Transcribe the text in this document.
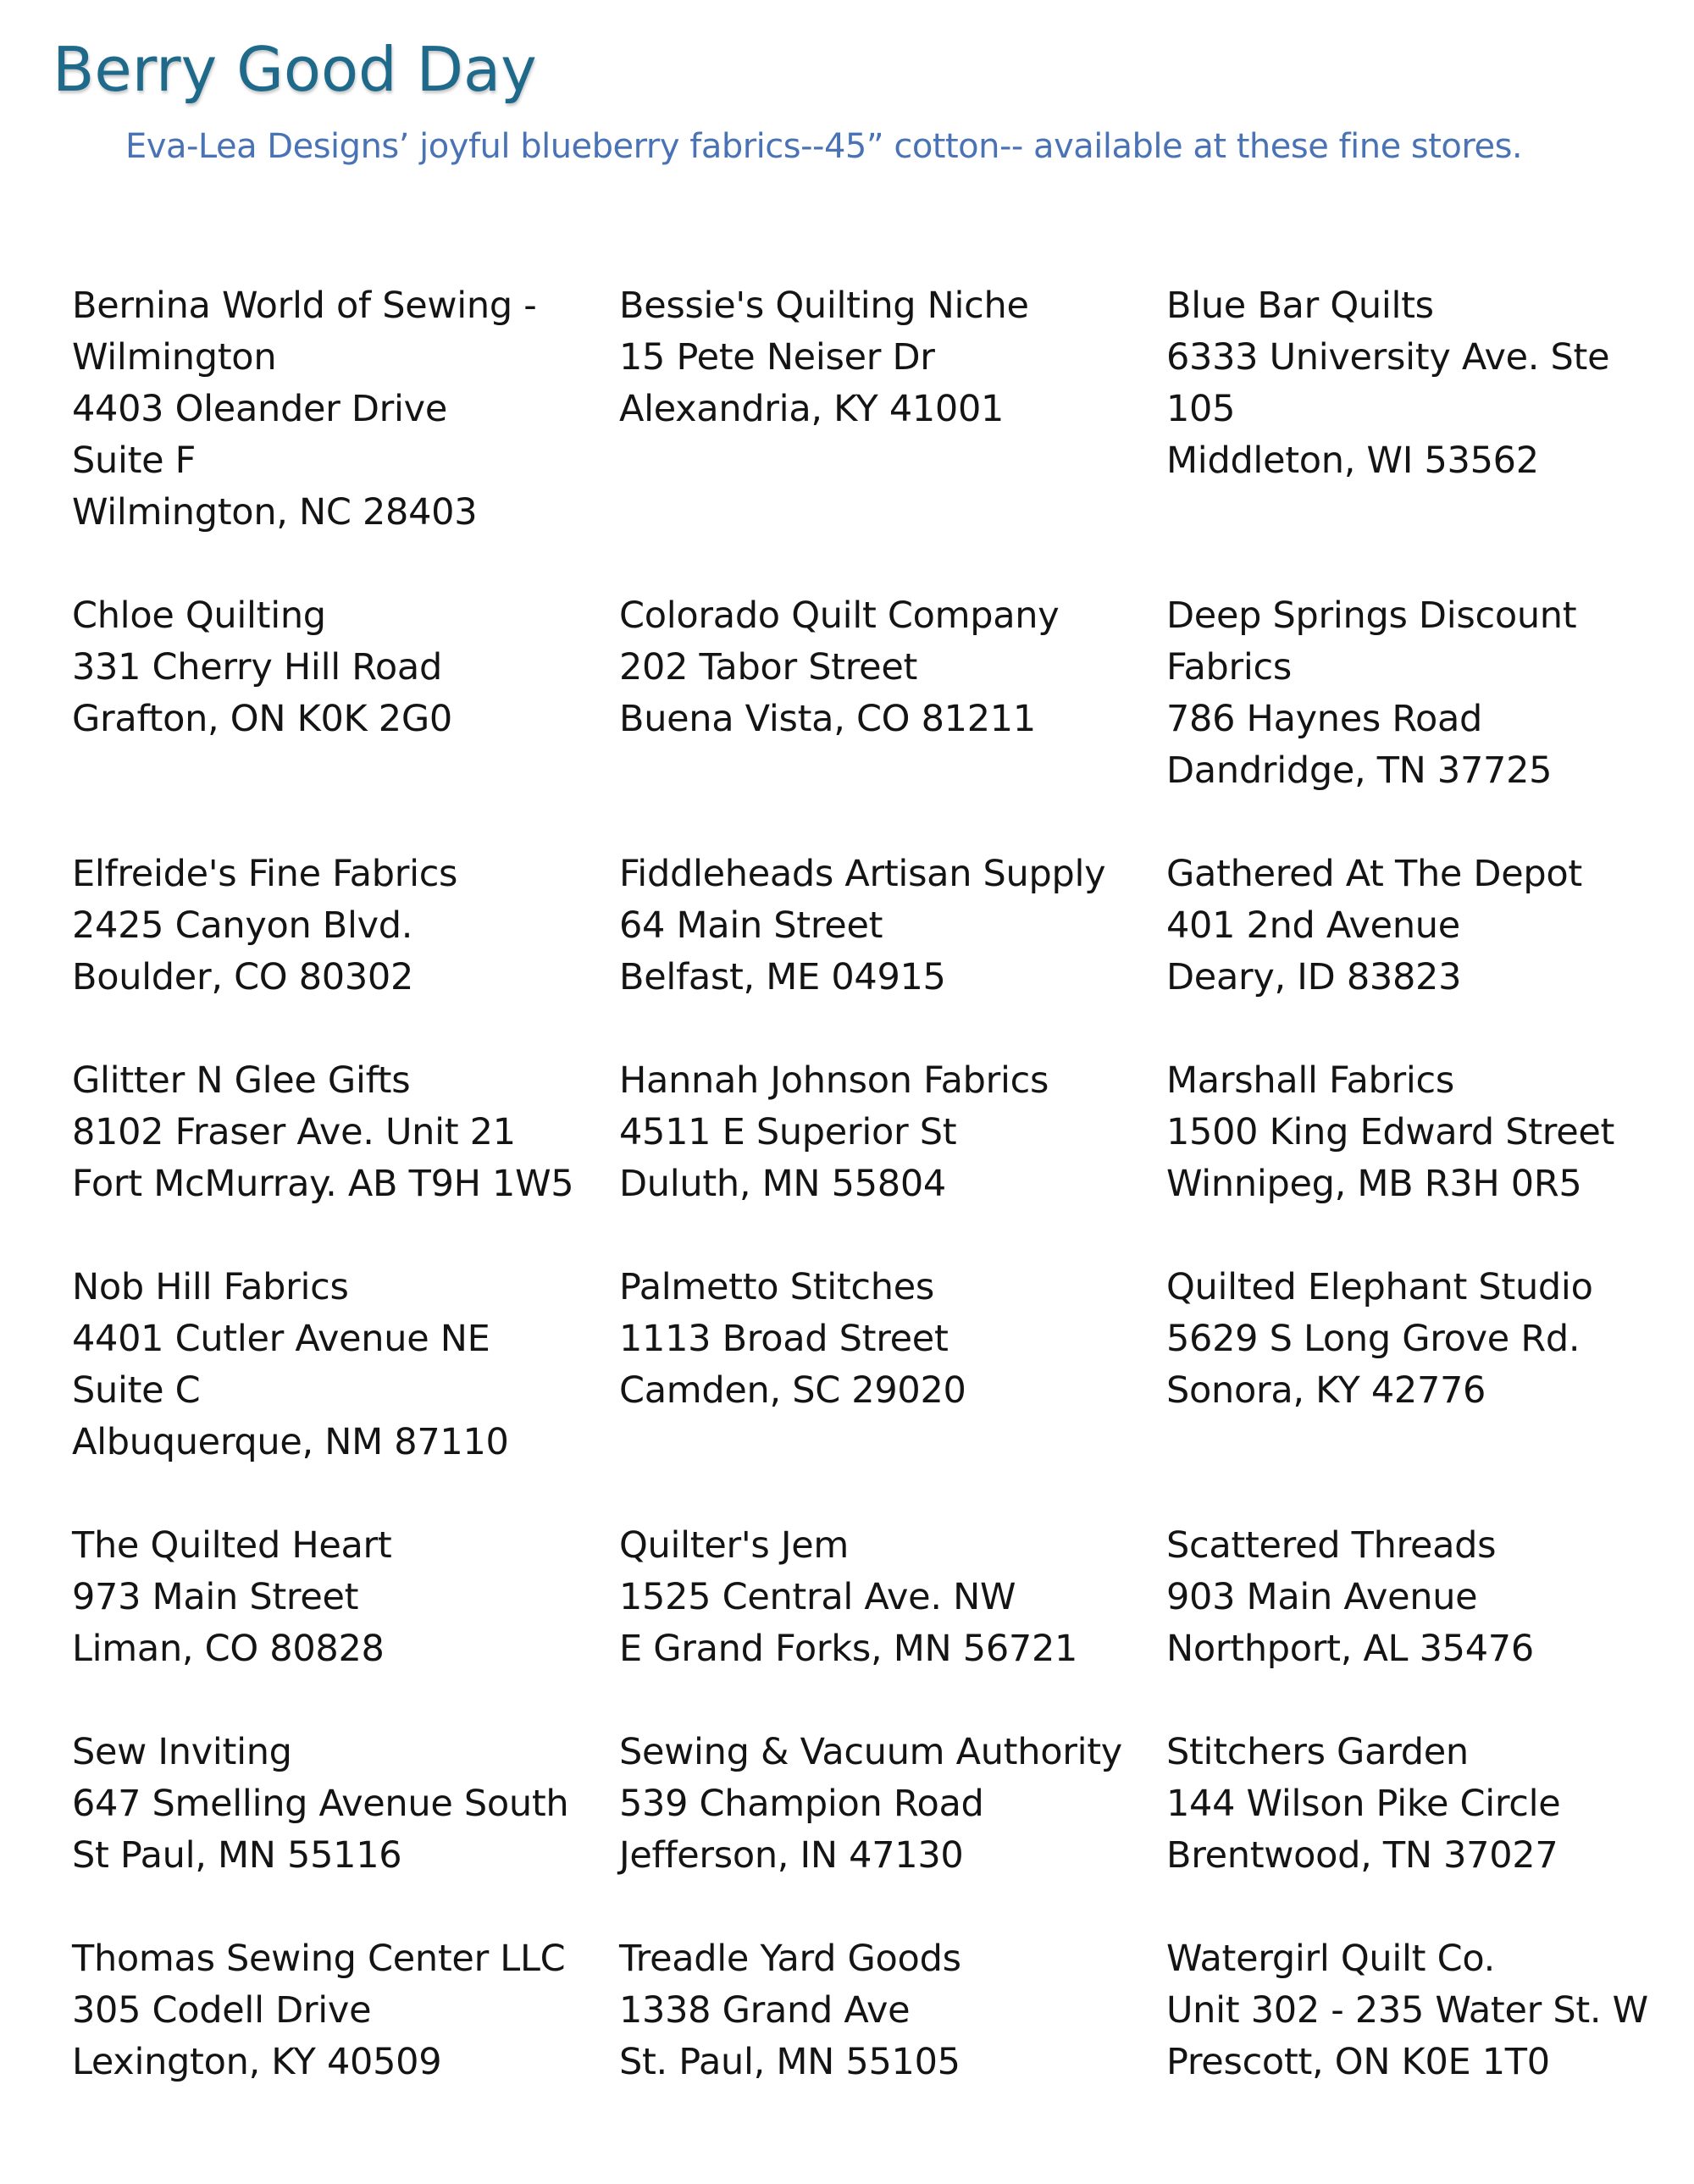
Berry Good Day

Eva-Lea Designs’ joyful blueberry fabrics--45” cotton-- available at these fine stores.

Bernina World of Sewing -
Wilmington
4403 Oleander Drive
Suite F
Wilmington, NC 28403
Bessie's Quilting Niche
15 Pete Neiser Dr
Alexandria, KY 41001
Blue Bar Quilts
6333 University Ave. Ste
105
Middleton, WI 53562
Chloe Quilting
331 Cherry Hill Road
Grafton, ON K0K 2G0
Colorado Quilt Company
202 Tabor Street
Buena Vista, CO 81211
Deep Springs Discount
Fabrics
786 Haynes Road
Dandridge, TN 37725
Elfreide's Fine Fabrics
2425 Canyon Blvd.
Boulder, CO 80302
Fiddleheads Artisan Supply
64 Main Street
Belfast, ME 04915
Gathered At The Depot
401 2nd Avenue
Deary, ID 83823
Glitter N Glee Gifts
8102 Fraser Ave. Unit 21
Fort McMurray. AB T9H 1W5
Hannah Johnson Fabrics
4511 E Superior St
Duluth, MN 55804
Marshall Fabrics
1500 King Edward Street
Winnipeg, MB R3H 0R5
Nob Hill Fabrics
4401 Cutler Avenue NE
Suite C
Albuquerque, NM 87110
Palmetto Stitches
1113 Broad Street
Camden, SC 29020
Quilted Elephant Studio
5629 S Long Grove Rd.
Sonora, KY 42776
The Quilted Heart
973 Main Street
Liman, CO 80828
Quilter's Jem
1525 Central Ave. NW
E Grand Forks, MN 56721
Scattered Threads
903 Main Avenue
Northport, AL 35476
Sew Inviting
647 Smelling Avenue South
St Paul, MN 55116
Sewing & Vacuum Authority
539 Champion Road
Jefferson, IN 47130
Stitchers Garden
144 Wilson Pike Circle
Brentwood, TN 37027
Thomas Sewing Center LLC
305 Codell Drive
Lexington, KY 40509
Treadle Yard Goods
1338 Grand Ave
St. Paul, MN 55105
Watergirl Quilt Co.
Unit 302 - 235 Water St. W
Prescott, ON K0E 1T0
